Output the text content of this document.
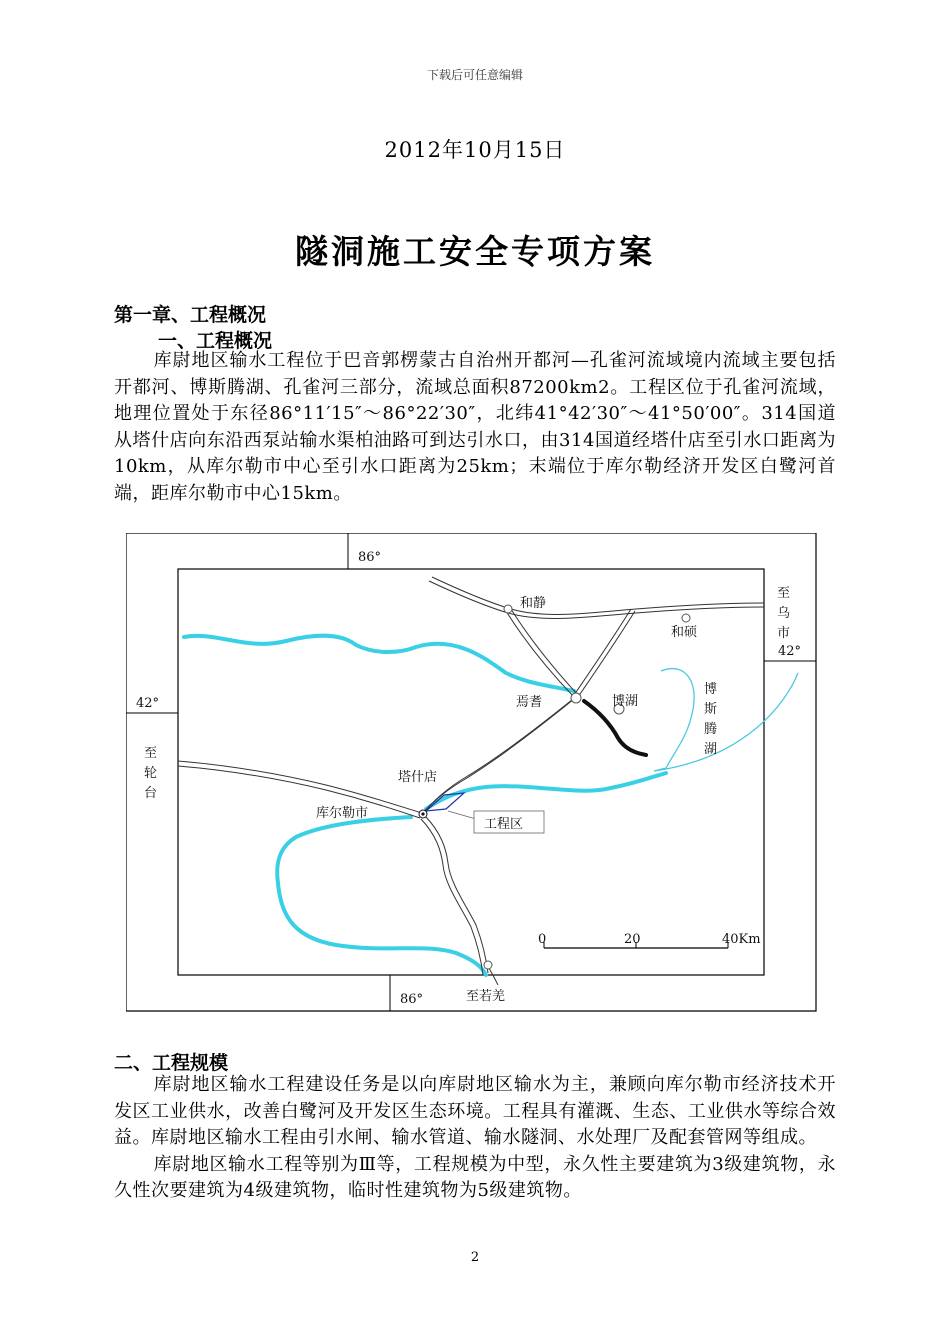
下载后可任意编辑
2012年10月15日
隧洞施工安全专项方案
第一章、工程概况
一、工程概况

库尉地区输水工程位于巴音郭楞蒙古自治州开都河—孔雀河流域境内流域主要包括开都河、博斯腾湖、孔雀河三部分，流域总面积87200km2。工程区位于孔雀河流域，地理位置处于东径86°11′15″～86°22′30″，北纬41°42′30″～41°50′00″。314国道从塔什店向东沿西泵站输水渠柏油路可到达引水口，由314国道经塔什店至引水口距离为10km，从库尔勒市中心至引水口距离为25km；末端位于库尔勒经济开发区白鹭河首端，距库尔勒市中心15km。

86°
86°
42°
42°
和静
和硕
焉耆	博湖
博
斯
腾
湖
至
乌
市
至
轮
台
塔什店
库尔勒市
工程区
至若羌
0	20	40Km
二、工程规模

库尉地区输水工程建设任务是以向库尉地区输水为主，兼顾向库尔勒市经济技术开发区工业供水，改善白鹭河及开发区生态环境。工程具有灌溉、生态、工业供水等综合效益。库尉地区输水工程由引水闸、输水管道、输水隧洞、水处理厂及配套管网等组成。

库尉地区输水工程等别为Ⅲ等，工程规模为中型，永久性主要建筑为3级建筑物，永久性次要建筑为4级建筑物，临时性建筑物为5级建筑物。

2
